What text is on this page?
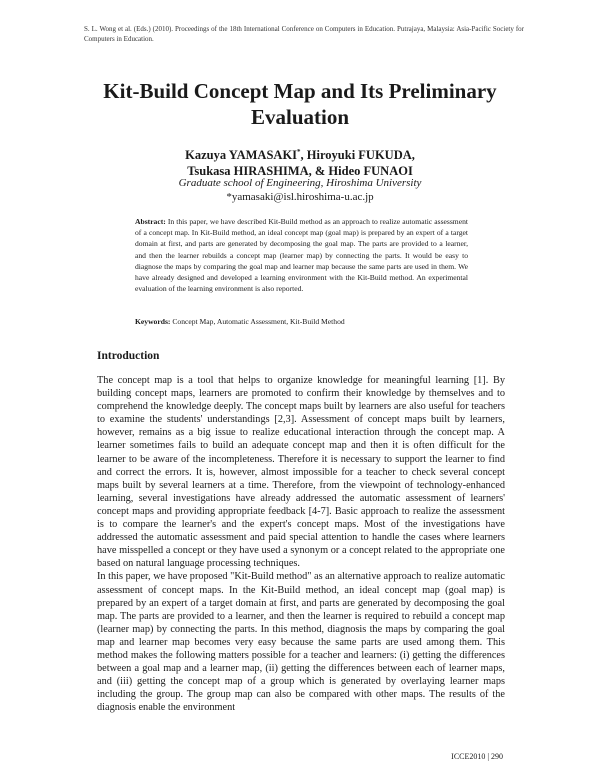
S. L. Wong et al. (Eds.) (2010). Proceedings of the 18th International Conference on Computers in Education. Putrajaya, Malaysia: Asia-Pacific Society for Computers in Education.
Kit-Build Concept Map and Its Preliminary Evaluation
Kazuya YAMASAKI*, Hiroyuki FUKUDA,
Tsukasa HIRASHIMA, & Hideo FUNAOI
Graduate school of Engineering, Hiroshima University
*yamasaki@isl.hiroshima-u.ac.jp
Abstract: In this paper, we have described Kit-Build method as an approach to realize automatic assessment of a concept map. In Kit-Build method, an ideal concept map (goal map) is prepared by an expert of a target domain at first, and parts are generated by decomposing the goal map. The parts are provided to a learner, and then the learner rebuilds a concept map (learner map) by connecting the parts. It would be easy to diagnose the maps by comparing the goal map and learner map because the same parts are used in them. We have already designed and developed a learning environment with the Kit-Build method. An experimental evaluation of the learning environment is also reported.
Keywords: Concept Map, Automatic Assessment, Kit-Build Method
Introduction

The concept map is a tool that helps to organize knowledge for meaningful learning [1]. By building concept maps, learners are promoted to confirm their knowledge by themselves and to comprehend the knowledge deeply. The concept maps built by learners are also useful for teachers to examine the students' understandings [2,3]. Assessment of concept maps built by learners, however, remains as a big issue to realize educational interaction through the concept map. A learner sometimes fails to build an adequate concept map and then it is often difficult for the learner to be aware of the incompleteness. Therefore it is necessary to support the learner to find and correct the errors. It is, however, almost impossible for a teacher to check several concept maps built by several learners at a time. Therefore, from the viewpoint of technology-enhanced learning, several investigations have already addressed the automatic assessment of learners' concept maps and providing appropriate feedback [4-7]. Basic approach to realize the assessment is to compare the learner's and the expert's concept maps. Most of the investigations have addressed the automatic assessment and paid special attention to handle the cases where learners have misspelled a concept or they have used a synonym or a concept related to the appropriate one based on natural language processing techniques.

In this paper, we have proposed "Kit-Build method" as an alternative approach to realize automatic assessment of concept maps. In the Kit-Build method, an ideal concept map (goal map) is prepared by an expert of a target domain at first, and parts are generated by decomposing the goal map. The parts are provided to a learner, and then the learner is required to rebuild a concept map (learner map) by connecting the parts. In this method, diagnosis the maps by comparing the goal map and learner map becomes very easy because the same parts are used among them. This method makes the following matters possible for a teacher and learners: (i) getting the differences between a goal map and a learner map, (ii) getting the differences between each of learner maps, and (iii) getting the concept map of a group which is generated by overlaying learner maps including the group. The group map can also be compared with other maps. The results of the diagnosis enable the environment

ICCE2010 | 290
